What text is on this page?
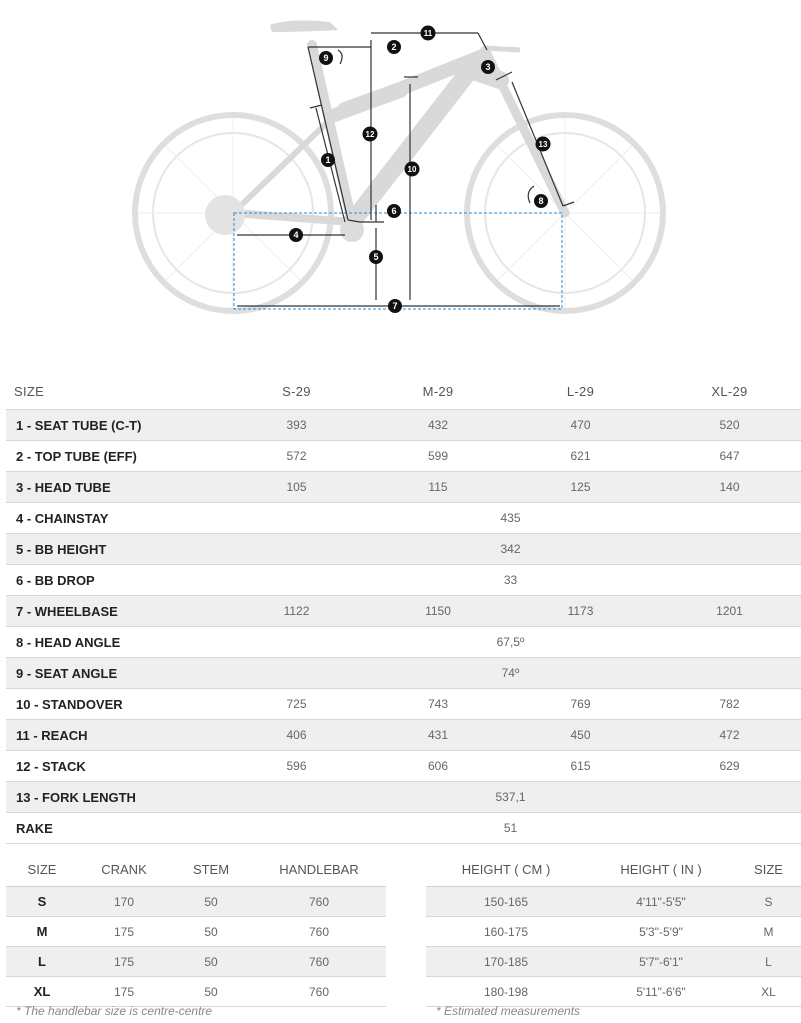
1
2
3
4
5
6
7
8
9
10
11
12
13
SIZE	S-29	M-29	L-29	XL-29
1 - SEAT TUBE (C-T)	393	432	470	520
2 - TOP TUBE (EFF)	572	599	621	647
3 - HEAD TUBE	105	115	125	140
4 - CHAINSTAY	435			
5 - BB HEIGHT	342			
6 - BB DROP	33			
7 - WHEELBASE	1122	1150	1173	1201
8 - HEAD ANGLE	67,5º			
9 - SEAT ANGLE	74º			
10 - STANDOVER	725	743	769	782
11 - REACH	406	431	450	472
12 - STACK	596	606	615	629
13 - FORK LENGTH	537,1			
RAKE	51			
SIZE	CRANK	STEM	HANDLEBAR
S	170	50	760
M	175	50	760
L	175	50	760
XL	175	50	760
* The handlebar size is centre-centre
HEIGHT ( CM )	HEIGHT ( IN )	SIZE
150-165	4'11"-5'5"	S
160-175	5'3"-5'9"	M
170-185	5'7"-6'1"	L
180-198	5'11"-6'6"	XL
* Estimated measurements
